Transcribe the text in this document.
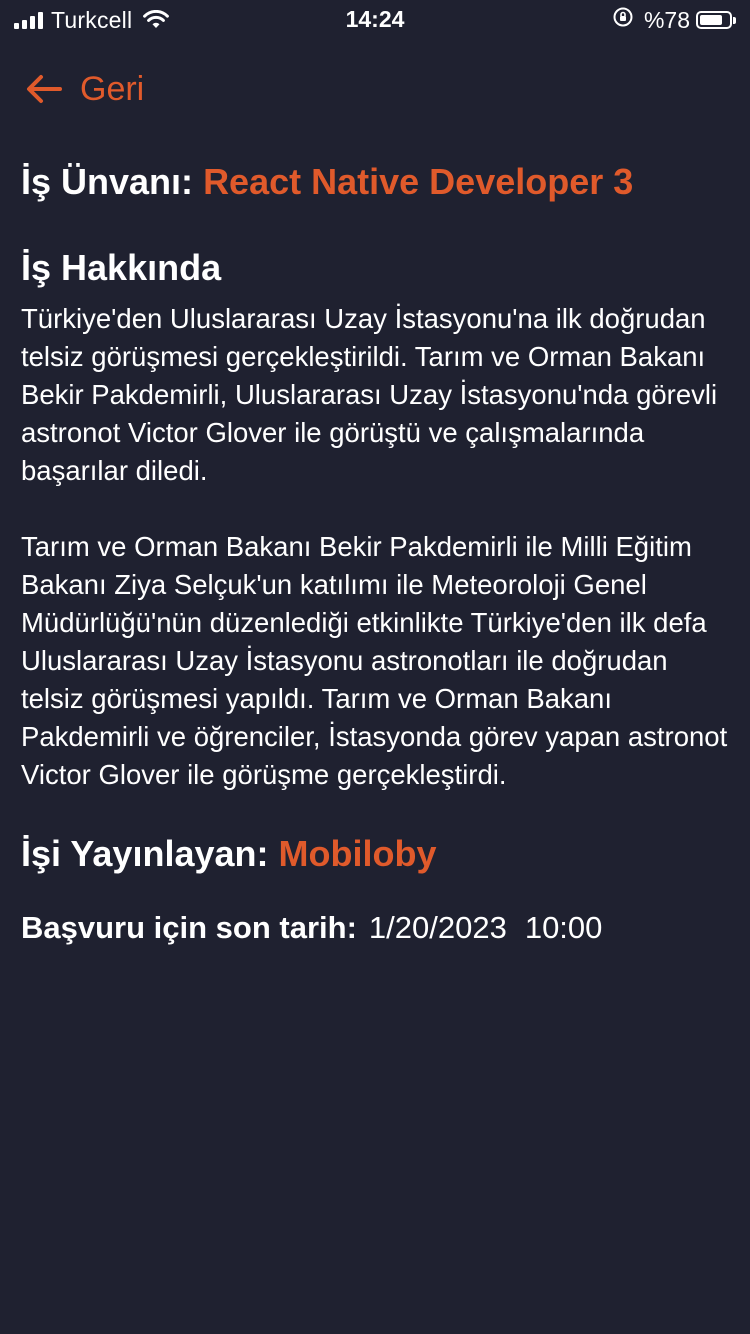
Turkcell	14:24	%78
Geri
İş Ünvanı: React Native Developer 3
İş Hakkında
Türkiye'den Uluslararası Uzay İstasyonu'na ilk doğrudan telsiz görüşmesi gerçekleştirildi. Tarım ve Orman Bakanı Bekir Pakdemirli, Uluslararası Uzay İstasyonu'nda görevli astronot Victor Glover ile görüştü ve çalışmalarında başarılar diledi.
Tarım ve Orman Bakanı Bekir Pakdemirli ile Milli Eğitim Bakanı Ziya Selçuk'un katılımı ile Meteoroloji Genel Müdürlüğü'nün düzenlediği etkinlikte Türkiye'den ilk defa Uluslararası Uzay İstasyonu astronotları ile doğrudan telsiz görüşmesi yapıldı. Tarım ve Orman Bakanı Pakdemirli ve öğrenciler, İstasyonda görev yapan astronot Victor Glover ile görüşme gerçekleştirdi.
İşi Yayınlayan: Mobiloby
Başvuru için son tarih: 1/20/2023 10:00
